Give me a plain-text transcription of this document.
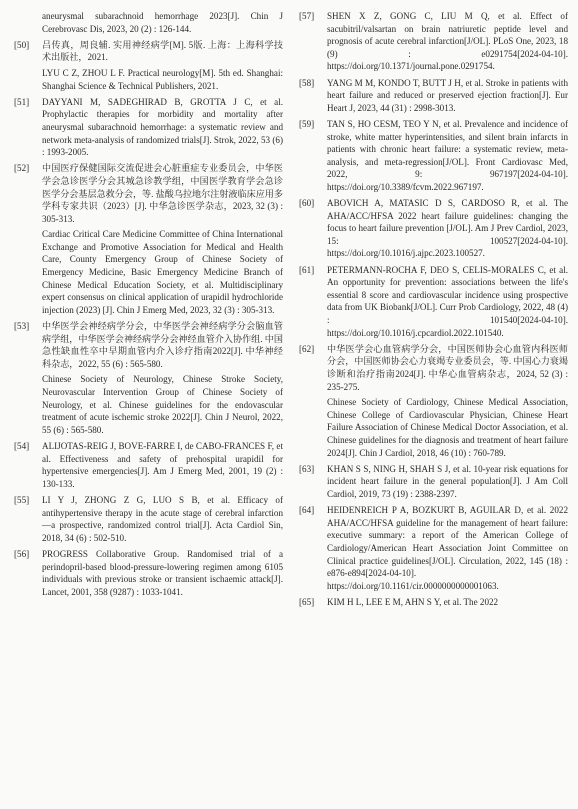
aneurysmal subarachnoid hemorrhage 2023[J]. Chin J Cerebrovasc Dis, 2023, 20 (2) : 126-144.
[50]	吕传真，周良辅. 实用神经病学[M]. 5版. 上海：上海科学技术出版社，2021.
LYU C Z, ZHOU L F. Practical neurology[M]. 5th ed. Shanghai: Shanghai Science & Technical Publishers, 2021.
[51]	DAYYANI M, SADEGHIRAD B, GROTTA J C, et al. Prophylactic therapies for morbidity and mortality after aneurysmal subarachnoid hemorrhage: a systematic review and network meta-analysis of randomized trials[J]. Strok, 2022, 53 (6) : 1993-2005.
[52]	中国医疗保健国际交流促进会心脏重症专业委员会，中华医学会急诊医学分会其城急诊教学组，中国医学教育学会急诊医学分会基层急救分会，等. 盐酸乌拉地尔注射液临床应用多学科专家共识（2023）[J]. 中华急诊医学杂志，2023, 32 (3) : 305-313.
Cardiac Critical Care Medicine Committee of China International Exchange and Promotive Association for Medical and Health Care, County Emergency Group of Chinese Society of Emergency Medicine, Basic Emergency Medicine Branch of Chinese Medical Education Society, et al. Multidisciplinary expert consensus on clinical application of urapidil hydrochloride injection (2023) [J]. Chin J Emerg Med, 2023, 32 (3) : 305-313.
[53]	中华医学会神经病学分会，中华医学会神经病学分会脑血管病学组，中华医学会神经病学分会神经血管介入协作组. 中国急性缺血性卒中早期血管内介入诊疗指南2022[J]. 中华神经科杂志，2022, 55 (6) : 565-580.
Chinese Society of Neurology, Chinese Stroke Society, Neurovascular Intervention Group of Chinese Society of Neurology, et al. Chinese guidelines for the endovascular treatment of acute ischemic stroke 2022[J]. Chin J Neurol, 2022, 55 (6) : 565-580.
[54]	ALIJOTAS-REIG J, BOVE-FARRE I, de CABO-FRANCES F, et al. Effectiveness and safety of prehospital urapidil for hypertensive emergencies[J]. Am J Emerg Med, 2001, 19 (2) : 130-133.
[55]	LI Y J, ZHONG Z G, LUO S B, et al. Efficacy of antihypertensive therapy in the acute stage of cerebral infarction—a prospective, randomized control trial[J]. Acta Cardiol Sin, 2018, 34 (6) : 502-510.
[56]	PROGRESS Collaborative Group. Randomised trial of a perindopril-based blood-pressure-lowering regimen among 6105 individuals with previous stroke or transient ischaemic attack[J]. Lancet, 2001, 358 (9287) : 1033-1041.
[57]	SHEN X Z, GONG C, LIU M Q, et al. Effect of sacubitril/valsartan on brain natriuretic peptide level and prognosis of acute cerebral infarction[J/OL]. PLoS One, 2023, 18 (9) : e0291754[2024-04-10]. https://doi.org/10.1371/journal.pone.0291754.
[58]	YANG M M, KONDO T, BUTT J H, et al. Stroke in patients with heart failure and reduced or preserved ejection fraction[J]. Eur Heart J, 2023, 44 (31) : 2998-3013.
[59]	TAN S, HO CESM, TEO Y N, et al. Prevalence and incidence of stroke, white matter hyperintensities, and silent brain infarcts in patients with chronic heart failure: a systematic review, meta-analysis, and meta-regression[J/OL]. Front Cardiovasc Med, 2022, 9: 967197[2024-04-10]. https://doi.org/10.3389/fcvm.2022.967197.
[60]	ABOVICH A, MATASIC D S, CARDOSO R, et al. The AHA/ACC/HFSA 2022 heart failure guidelines: changing the focus to heart failure prevention [J/OL]. Am J Prev Cardiol, 2023, 15: 100527[2024-04-10]. https://doi.org/10.1016/j.ajpc.2023.100527.
[61]	PETERMANN-ROCHA F, DEO S, CELIS-MORALES C, et al. An opportunity for prevention: associations between the life's essential 8 score and cardiovascular incidence using prospective data from UK Biobank[J/OL]. Curr Prob Cardiology, 2022, 48 (4) : 101540[2024-04-10]. https://doi.org/10.1016/j.cpcardiol.2022.101540.
[62]	中华医学会心血管病学分会，中国医师协会心血管内科医师分会，中国医师协会心力衰竭专业委员会，等. 中国心力衰竭诊断和治疗指南2024[J]. 中华心血管病杂志，2024, 52 (3) : 235-275.
Chinese Society of Cardiology, Chinese Medical Association, Chinese College of Cardiovascular Physician, Chinese Heart Failure Association of Chinese Medical Doctor Association, et al. Chinese guidelines for the diagnosis and treatment of heart failure 2024[J]. Chin J Cardiol, 2018, 46 (10) : 760-789.
[63]	KHAN S S, NING H, SHAH S J, et al. 10-year risk equations for incident heart failure in the general population[J]. J Am Coll Cardiol, 2019, 73 (19) : 2388-2397.
[64]	HEIDENREICH P A, BOZKURT B, AGUILAR D, et al. 2022 AHA/ACC/HFSA guideline for the management of heart failure: executive summary: a report of the American College of Cardiology/American Heart Association Joint Committee on Clinical practice guidelines[J/OL]. Circulation, 2022, 145 (18) : e876-e894[2024-04-10]. https://doi.org/10.1161/cir.0000000000001063.
[65]	KIM H L, LEE E M, AHN S Y, et al. The 2022
